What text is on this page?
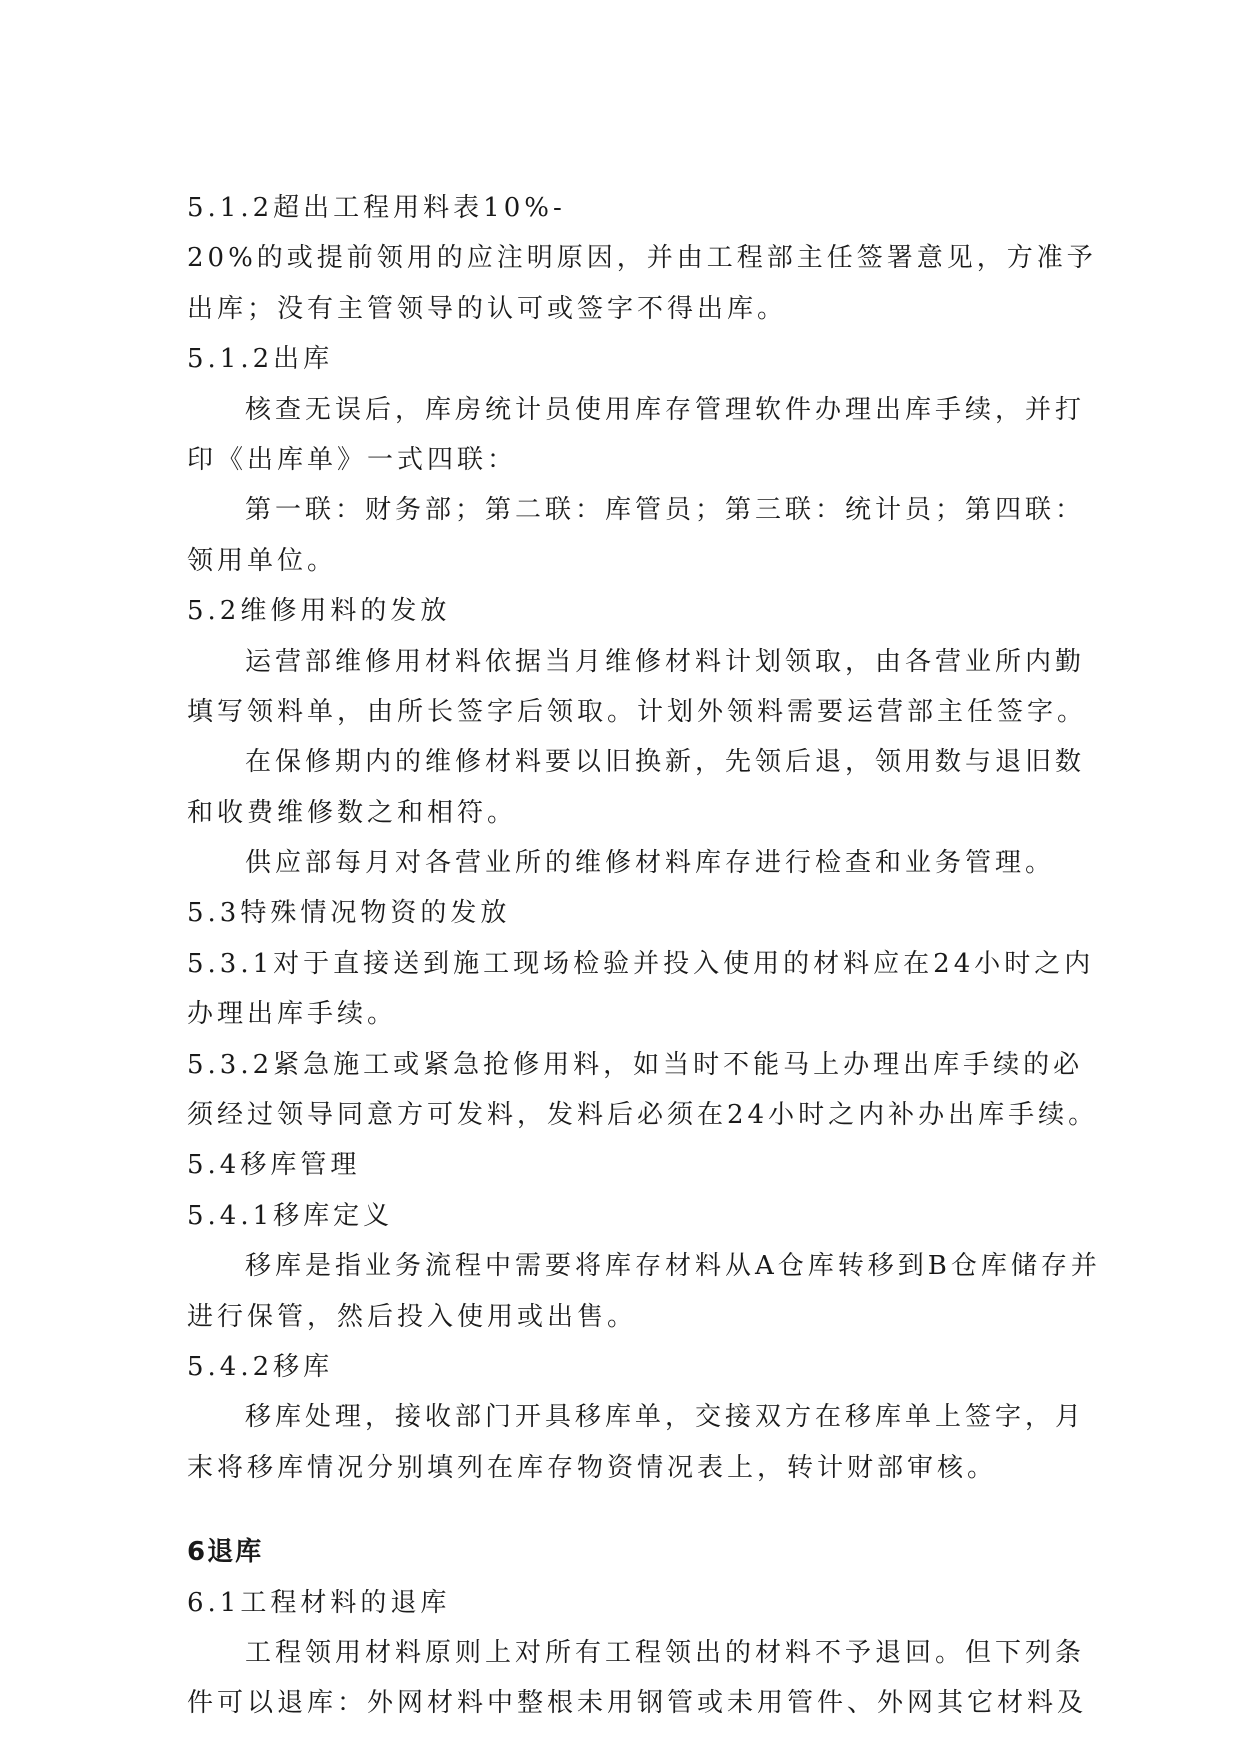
5.1.2超出工程用料表10%-
20%的或提前领用的应注明原因，并由工程部主任签署意见，方准予
出库；没有主管领导的认可或签字不得出库。
5.1.2出库
核查无误后，库房统计员使用库存管理软件办理出库手续，并打
印《出库单》一式四联：
第一联：财务部；第二联：库管员；第三联：统计员；第四联：
领用单位。
5.2维修用料的发放
运营部维修用材料依据当月维修材料计划领取，由各营业所内勤
填写领料单，由所长签字后领取。计划外领料需要运营部主任签字。
在保修期内的维修材料要以旧换新，先领后退，领用数与退旧数
和收费维修数之和相符。
供应部每月对各营业所的维修材料库存进行检查和业务管理。
5.3特殊情况物资的发放
5.3.1对于直接送到施工现场检验并投入使用的材料应在24小时之内
办理出库手续。
5.3.2紧急施工或紧急抢修用料，如当时不能马上办理出库手续的必
须经过领导同意方可发料，发料后必须在24小时之内补办出库手续。
5.4移库管理
5.4.1移库定义
移库是指业务流程中需要将库存材料从A仓库转移到B仓库储存并
进行保管，然后投入使用或出售。
5.4.2移库
移库处理，接收部门开具移库单，交接双方在移库单上签字，月
末将移库情况分别填列在库存物资情况表上，转计财部审核。
6退库
6.1工程材料的退库
工程领用材料原则上对所有工程领出的材料不予退回。但下列条
件可以退库：外网材料中整根未用钢管或未用管件、外网其它材料及
